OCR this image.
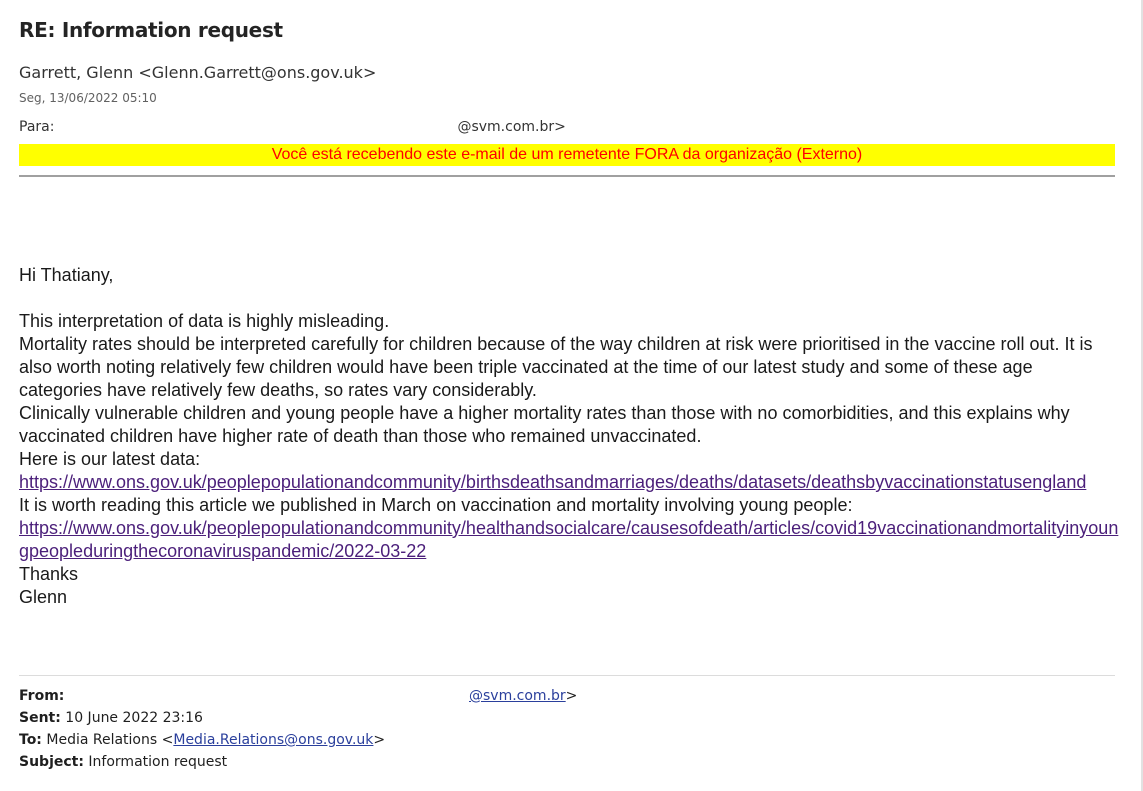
RE: Information request
Garrett, Glenn <Glenn.Garrett@ons.gov.uk>
Seg, 13/06/2022 05:10
Para:	@svm.com.br>
Você está recebendo este e-mail de um remetente FORA da organização (Externo)

Hi Thatiany,

This interpretation of data is highly misleading.

Mortality rates should be interpreted carefully for children because of the way children at risk were prioritised in the vaccine roll out. It is also worth noting relatively few children would have been triple vaccinated at the time of our latest study and some of these age categories have relatively few deaths, so rates vary considerably.

Clinically vulnerable children and young people have a higher mortality rates than those with no comorbidities, and this explains why vaccinated children have higher rate of death than those who remained unvaccinated.

Here is our latest data:

https://www.ons.gov.uk/peoplepopulationandcommunity/birthsdeathsandmarriages/deaths/datasets/deathsbyvaccinationstatusengland

It is worth reading this article we published in March on vaccination and mortality involving young people:

https://www.ons.gov.uk/peoplepopulationandcommunity/healthandsocialcare/causesofdeath/articles/covid19vaccinationandmortalityinyoungpeopleduringthecoronaviruspandemic/2022-03-22

Thanks

Glenn

From:	@svm.com.br>
Sent: 10 June 2022 23:16
To: Media Relations <Media.Relations@ons.gov.uk>
Subject: Information request
